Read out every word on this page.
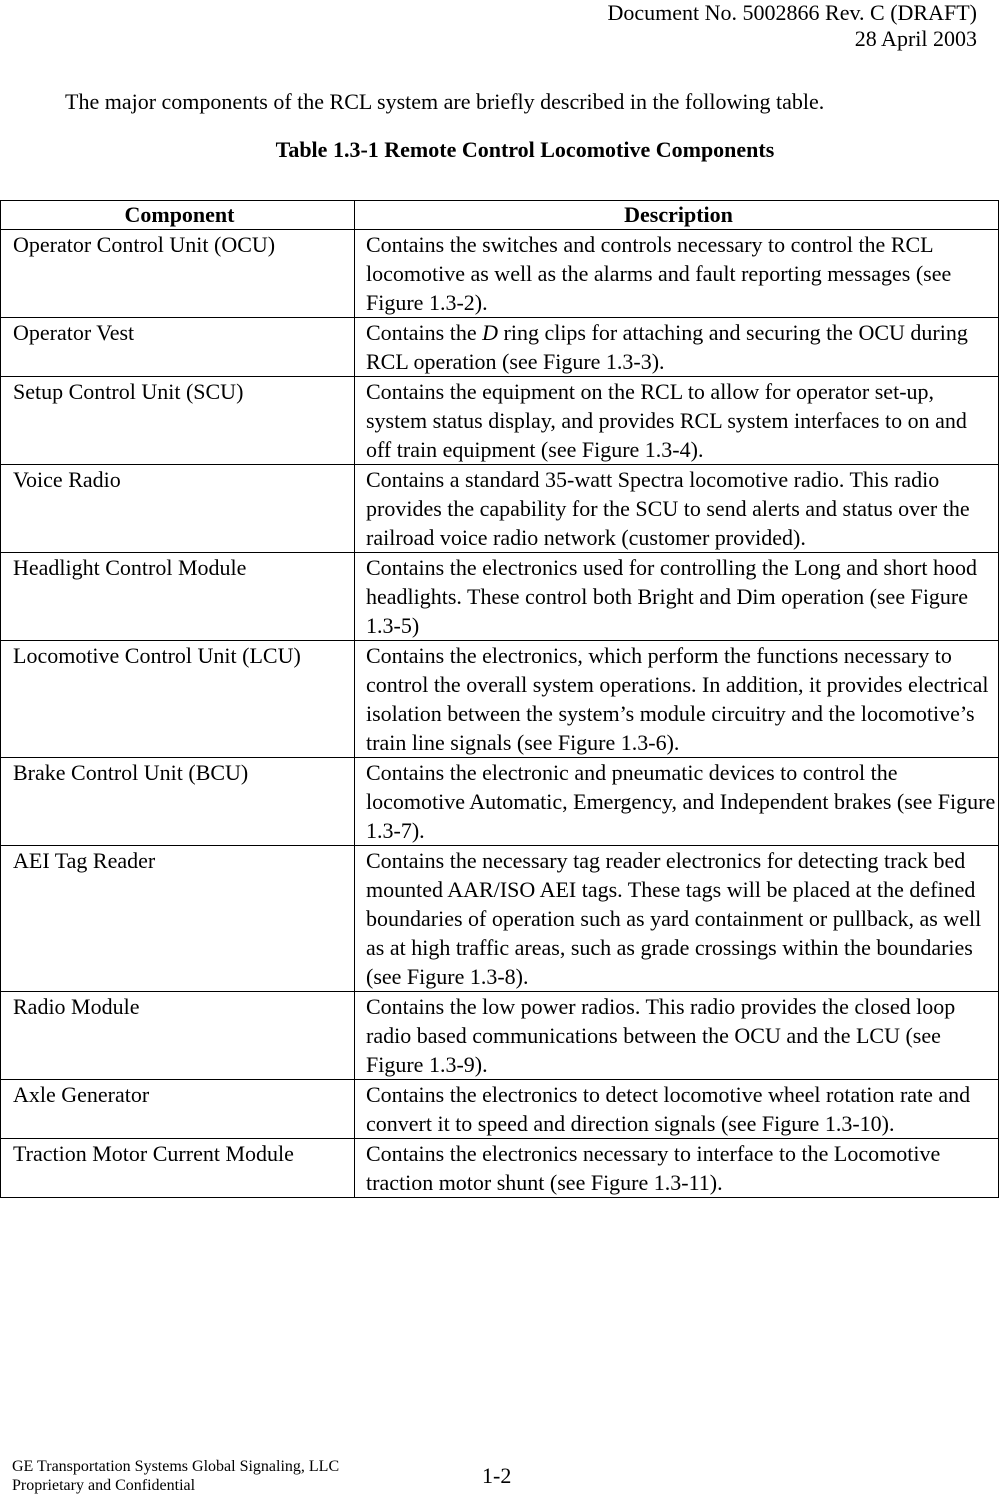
Document No. 5002866 Rev. C (DRAFT)
28 April 2003
The major components of the RCL system are briefly described in the following table.
Table 1.3-1 Remote Control Locomotive Components
Component	Description
Operator Control Unit (OCU)	Contains the switches and controls necessary to control the RCL locomotive as well as the alarms and fault reporting messages (see Figure 1.3-2).
Operator Vest	Contains the D ring clips for attaching and securing the OCU during RCL operation (see Figure 1.3-3).
Setup Control Unit (SCU)	Contains the equipment on the RCL to allow for operator set-up, system status display, and provides RCL system interfaces to on and off train equipment (see Figure 1.3-4).
Voice Radio	Contains a standard 35-watt Spectra locomotive radio. This radio provides the capability for the SCU to send alerts and status over the railroad voice radio network (customer provided).
Headlight Control Module	Contains the electronics used for controlling the Long and short hood headlights. These control both Bright and Dim operation (see Figure 1.3-5)
Locomotive Control Unit (LCU)	Contains the electronics, which perform the functions necessary to control the overall system operations. In addition, it provides electrical isolation between the system’s module circuitry and the locomotive’s train line signals (see Figure 1.3-6).
Brake Control Unit (BCU)	Contains the electronic and pneumatic devices to control the locomotive Automatic, Emergency, and Independent brakes (see Figure 1.3-7).
AEI Tag Reader	Contains the necessary tag reader electronics for detecting track bed mounted AAR/ISO AEI tags. These tags will be placed at the defined boundaries of operation such as yard containment or pullback, as well as at high traffic areas, such as grade crossings within the boundaries (see Figure 1.3-8).
Radio Module	Contains the low power radios. This radio provides the closed loop radio based communications between the OCU and the LCU (see Figure 1.3-9).
Axle Generator	Contains the electronics to detect locomotive wheel rotation rate and convert it to speed and direction signals (see Figure 1.3-10).
Traction Motor Current Module	Contains the electronics necessary to interface to the Locomotive traction motor shunt (see Figure 1.3-11).
GE Transportation Systems Global Signaling, LLC
Proprietary and Confidential	1-2
